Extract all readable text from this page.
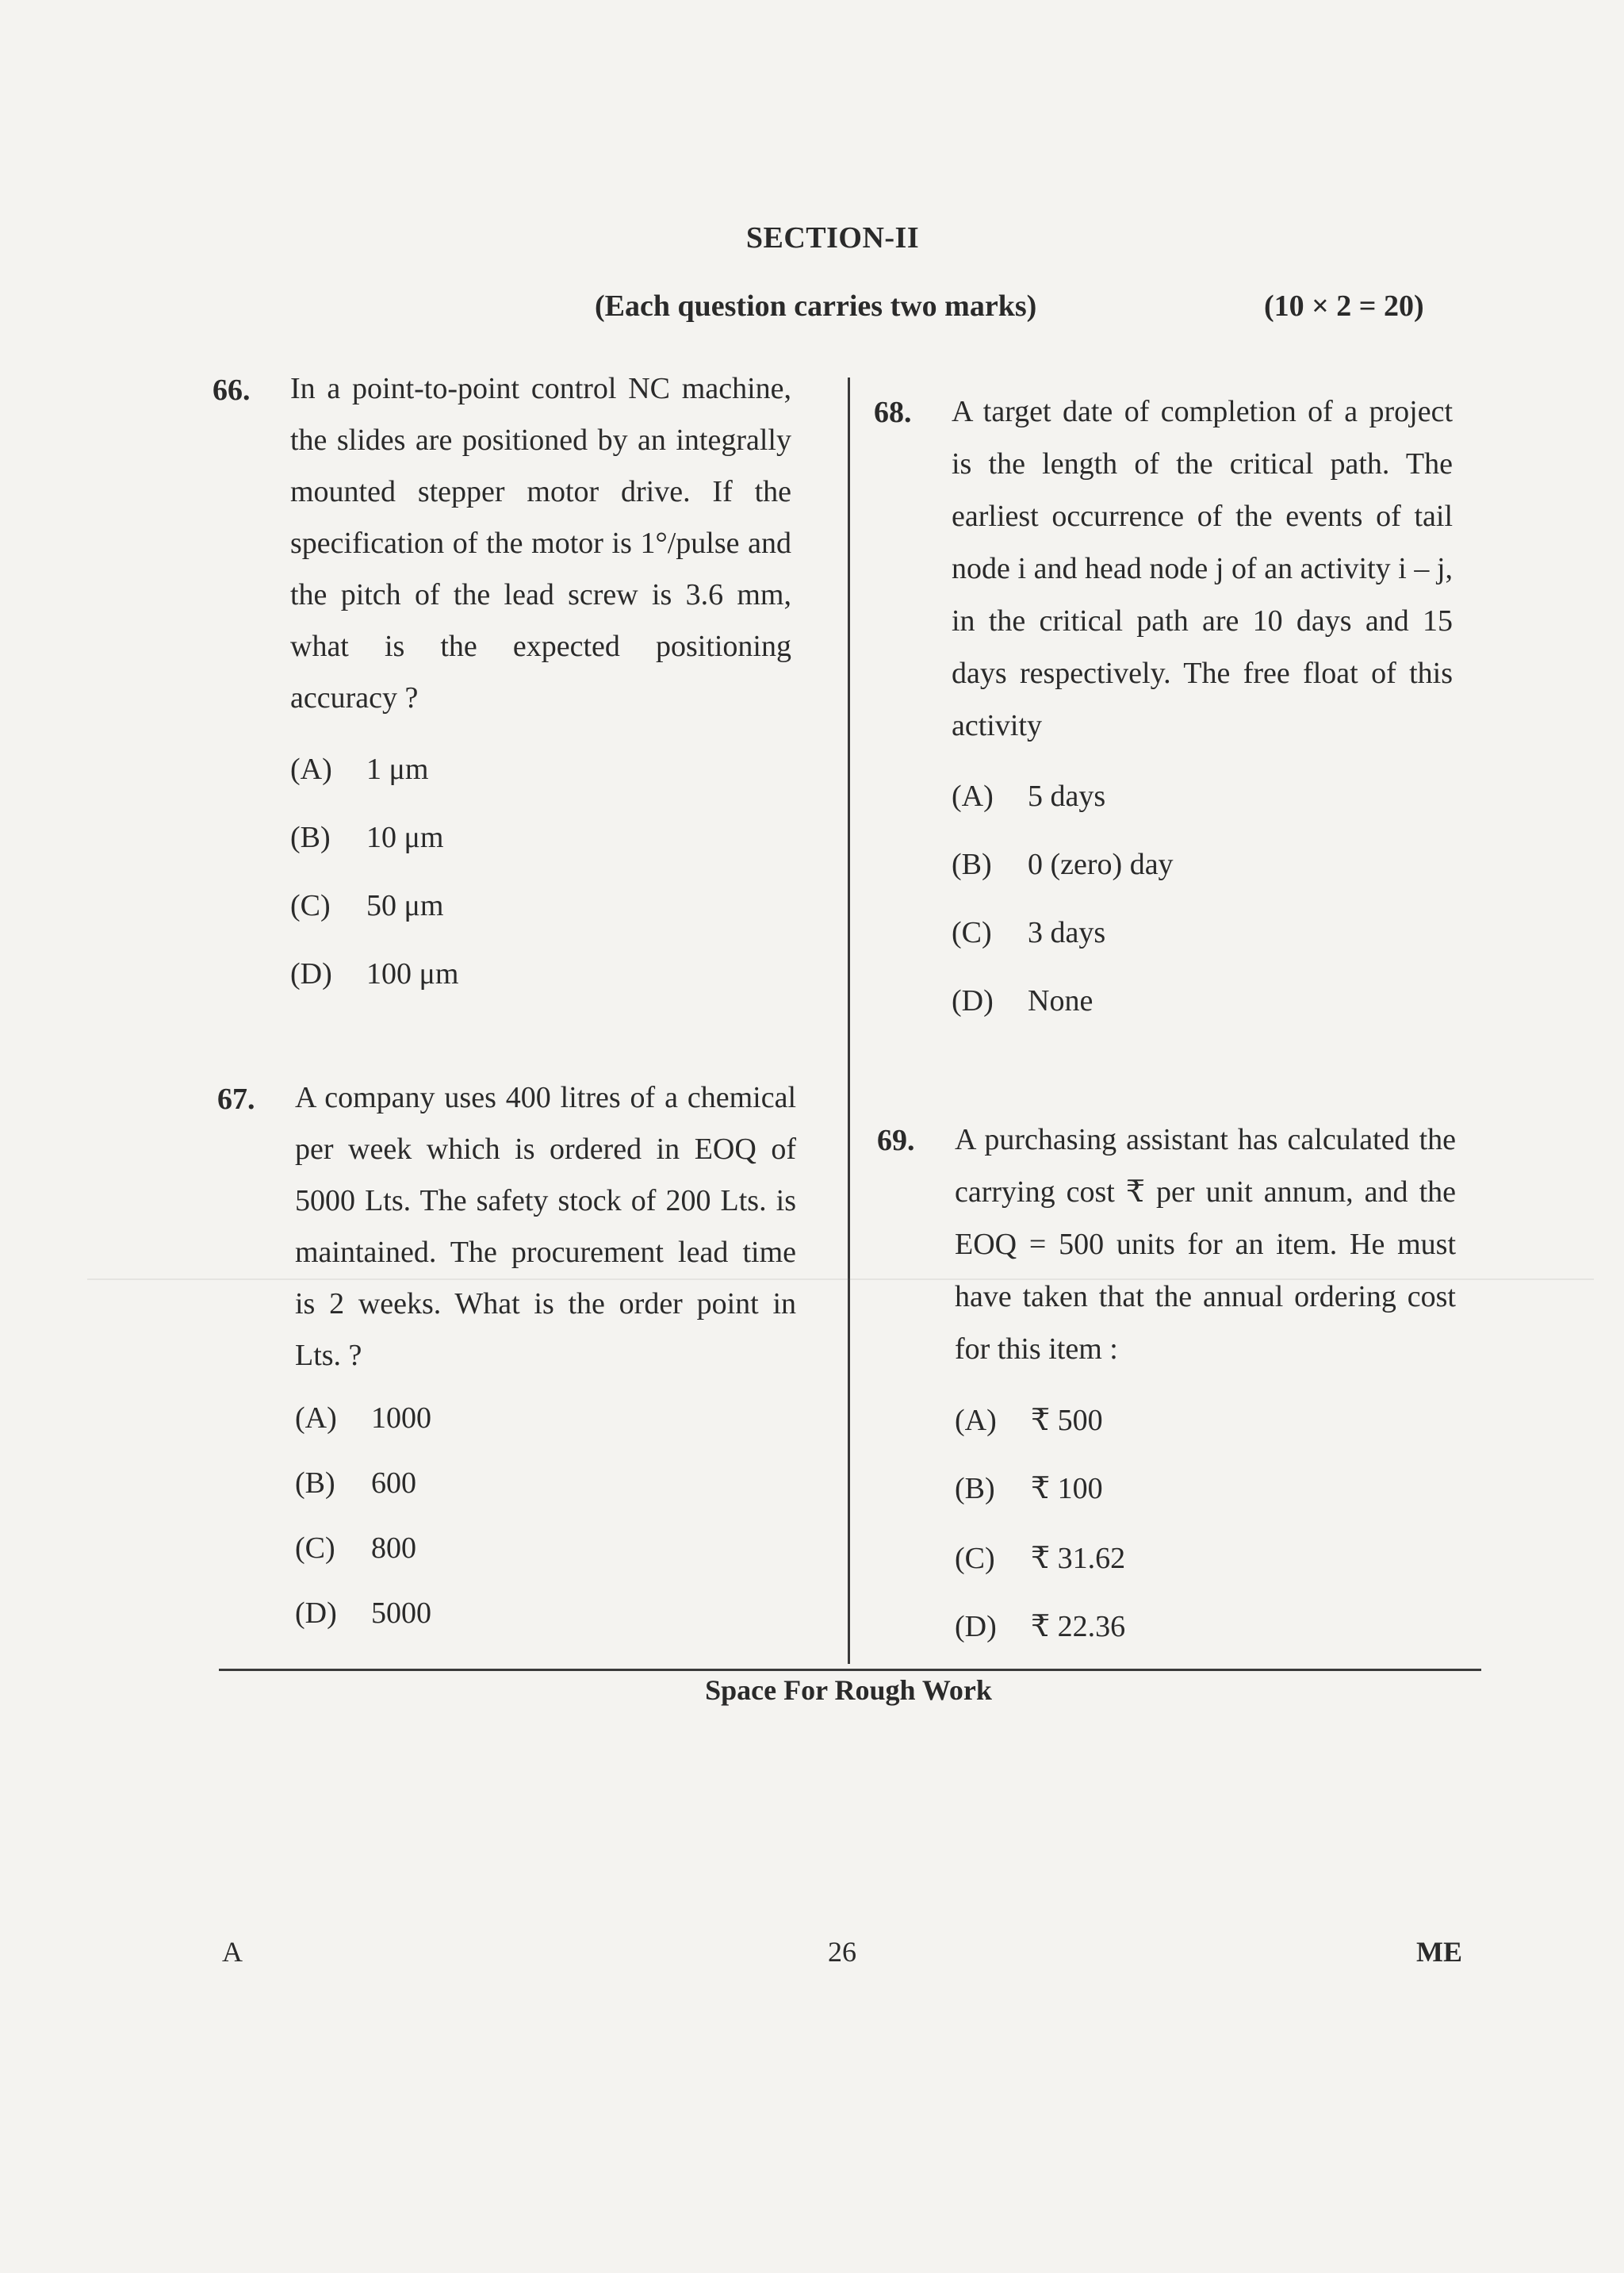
SECTION-II
(Each question carries two marks)	(10 × 2 = 20)
66. In a point-to-point control NC machine, the slides are positioned by an integrally mounted stepper motor drive. If the specification of the motor is 1°/pulse and the pitch of the lead screw is 3.6 mm, what is the expected positioning accuracy ?
(A) 1 μm
(B) 10 μm
(C) 50 μm
(D) 100 μm
67. A company uses 400 litres of a chemical per week which is ordered in EOQ of 5000 Lts. The safety stock of 200 Lts. is maintained. The procurement lead time is 2 weeks. What is the order point in Lts. ?
(A) 1000
(B) 600
(C) 800
(D) 5000
68. A target date of completion of a project is the length of the critical path. The earliest occurrence of the events of tail node i and head node j of an activity i – j, in the critical path are 10 days and 15 days respectively. The free float of this activity
(A) 5 days
(B) 0 (zero) day
(C) 3 days
(D) None
69. A purchasing assistant has calculated the carrying cost ₹ per unit annum, and the EOQ = 500 units for an item. He must have taken that the annual ordering cost for this item :
(A) ₹ 500
(B) ₹ 100
(C) ₹ 31.62
(D) ₹ 22.36
Space For Rough Work
A	26	ME
